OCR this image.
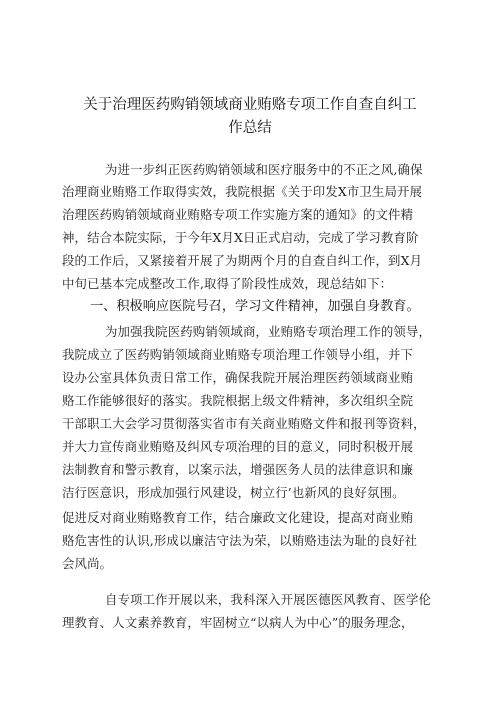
关于治理医药购销领域商业贿赂专项工作自查自纠工
作总结
为进一步纠正医药购销领域和医疗服务中的不正之风,确保
治理商业贿赂工作取得实效，我院根据《关于印发X市卫生局开展
治理医药购销领域商业贿赂专项工作实施方案的通知》的文件精
神，结合本院实际，于今年X月X日正式启动，完成了学习教育阶
段的工作后，又紧接着开展了为期两个月的自查自纠工作，到X月
中旬已基本完成整改工作,取得了阶段性成效，现总结如下：
一、积极响应医院号召，学习文件精神，加强自身教育。
为加强我院医药购销领域商，业贿赂专项治理工作的领导，
我院成立了医药购销领域商业贿赂专项治理工作领导小组，并下
设办公室具体负责日常工作，确保我院开展治理医药领域商业贿
赂工作能够很好的落实。我院根据上级文件精神，多次组织全院
干部职工大会学习贯彻落实省市有关商业贿赂文件和报刊等资料，
并大力宣传商业贿赂及纠风专项治理的目的意义，同时积极开展
法制教育和警示教育，以案示法，增强医务人员的法律意识和廉
洁行医意识，形成加强行风建设，树立行’也新风的良好氛围。
促进反对商业贿赂教育工作，结合廉政文化建设，提高对商业贿
赂危害性的认识,形成以廉洁守法为荣，以贿赂违法为耻的良好社
会风尚。
自专项工作开展以来，我科深入开展医德医风教育、医学伦
理教育、人文素养教育，牢固树立“以病人为中心”的服务理念，
